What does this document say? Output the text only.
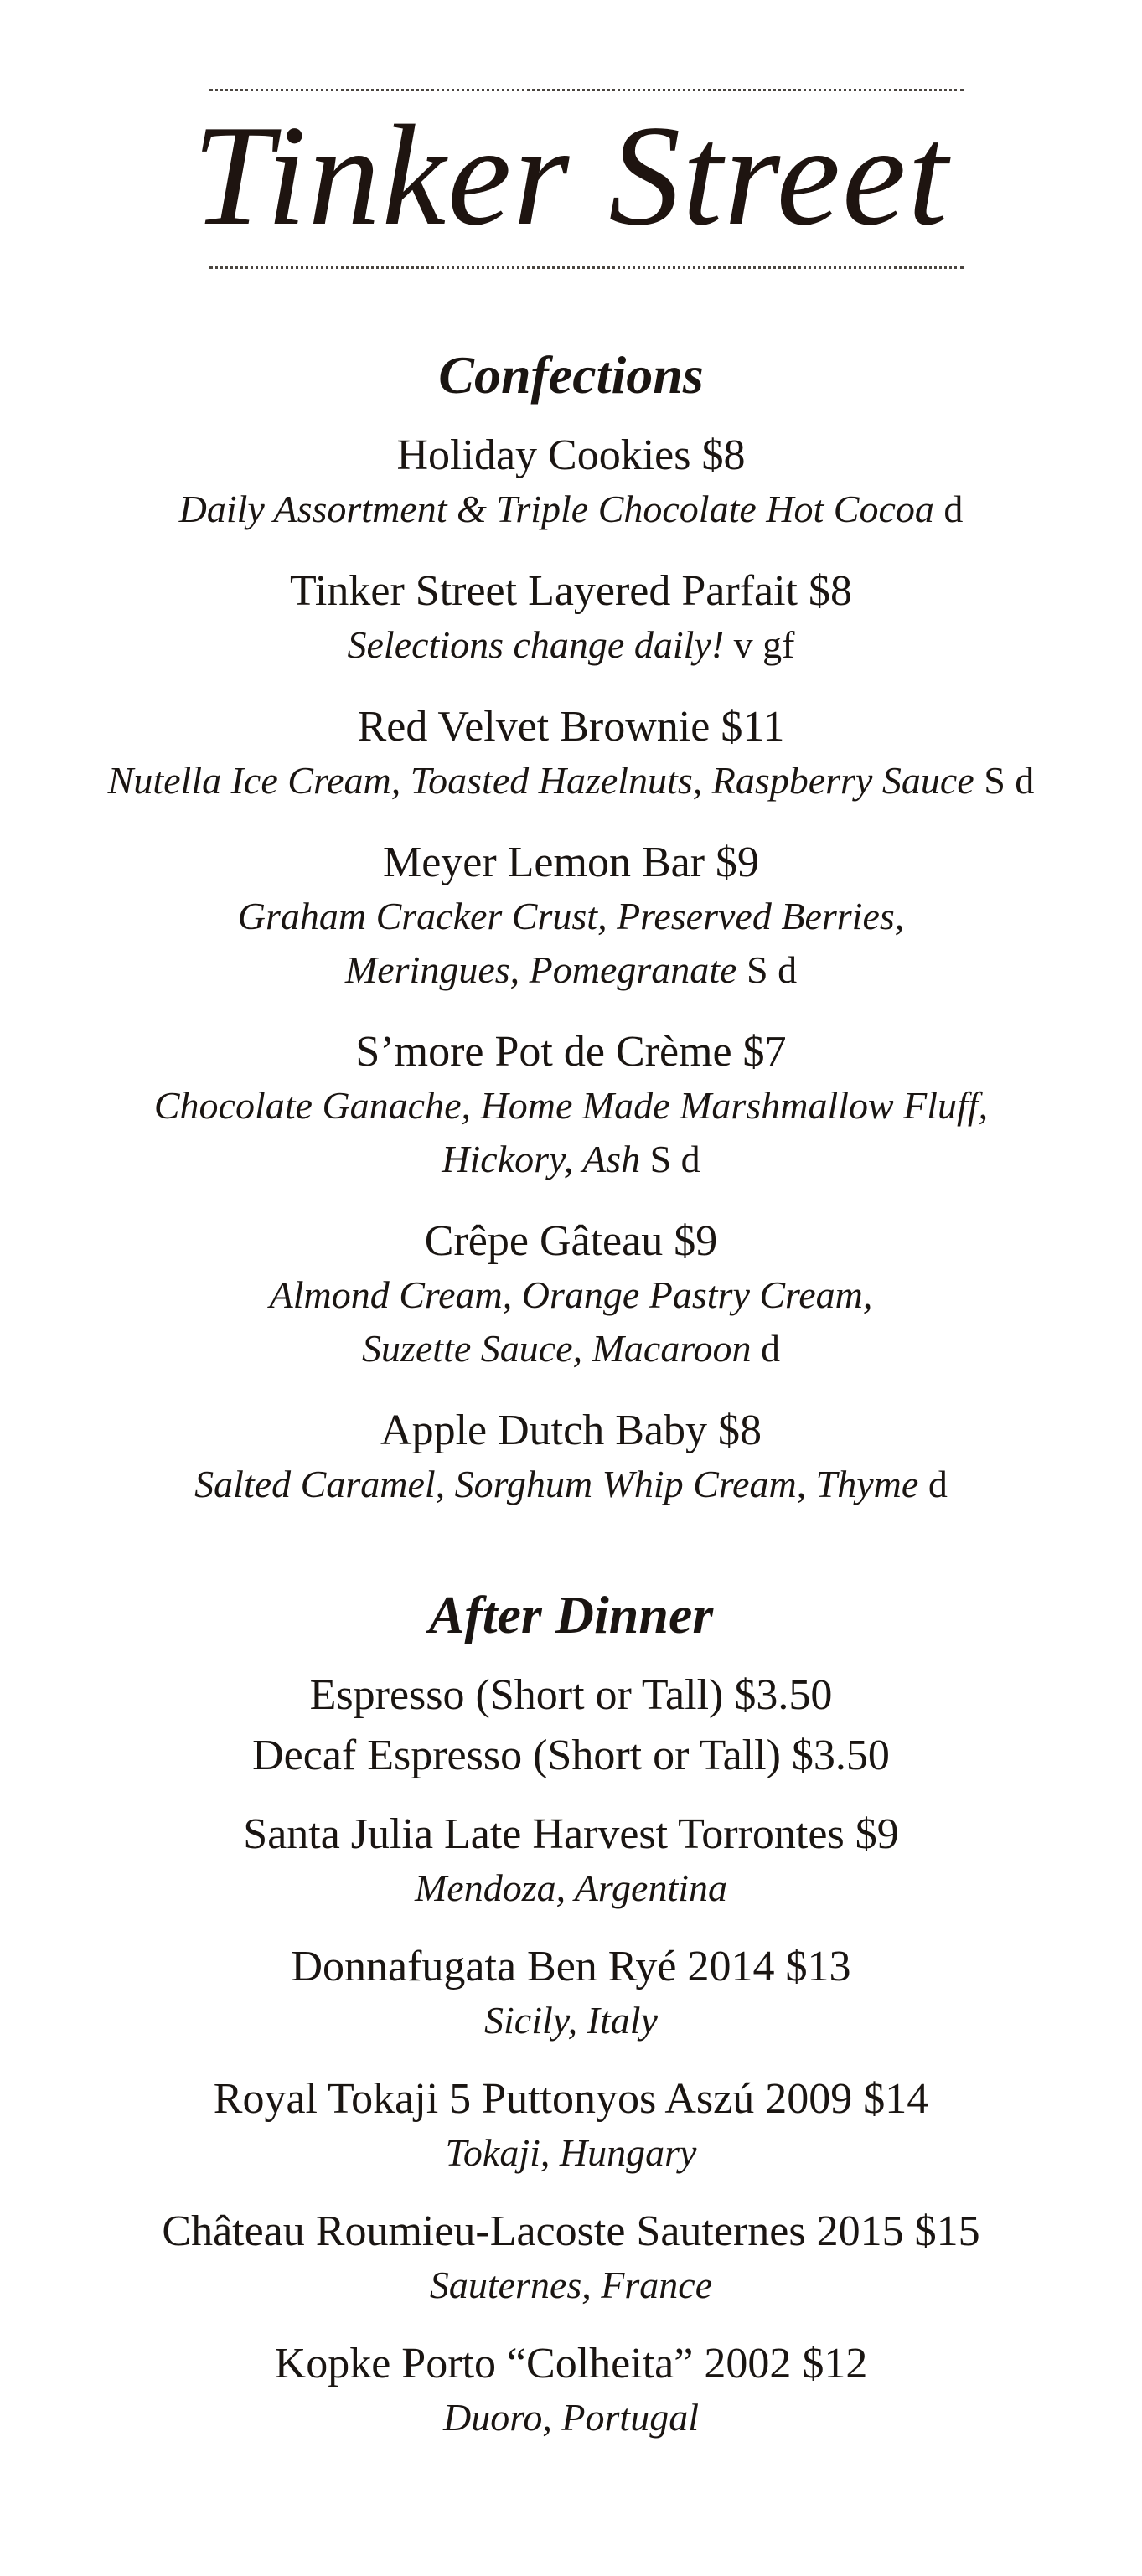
Tinker Street
Confections
Holiday Cookies $8
Daily Assortment & Triple Chocolate Hot Cocoa d
Tinker Street Layered Parfait $8
Selections change daily! v gf
Red Velvet Brownie $11
Nutella Ice Cream, Toasted Hazelnuts, Raspberry Sauce S d
Meyer Lemon Bar $9
Graham Cracker Crust, Preserved Berries,
Meringues, Pomegranate S d
S’more Pot de Crème $7
Chocolate Ganache, Home Made Marshmallow Fluff,
Hickory, Ash S d
Crêpe Gâteau $9
Almond Cream, Orange Pastry Cream,
Suzette Sauce, Macaroon d
Apple Dutch Baby $8
Salted Caramel, Sorghum Whip Cream, Thyme d
After Dinner
Espresso (Short or Tall) $3.50
Decaf Espresso (Short or Tall) $3.50
Santa Julia Late Harvest Torrontes $9
Mendoza, Argentina
Donnafugata Ben Ryé 2014 $13
Sicily, Italy
Royal Tokaji 5 Puttonyos Aszú 2009 $14
Tokaji, Hungary
Château Roumieu-Lacoste Sauternes 2015 $15
Sauternes, France
Kopke Porto “Colheita” 2002 $12
Duoro, Portugal
